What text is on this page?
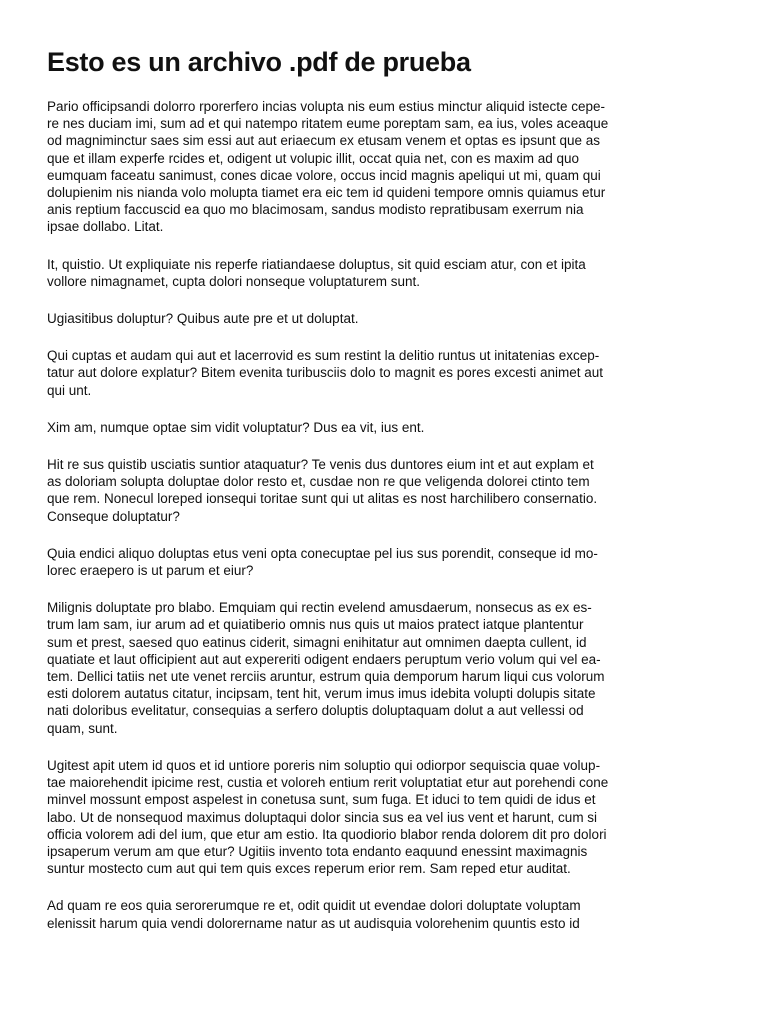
Esto es un archivo .pdf de prueba

Pario officipsandi dolorro rporerfero incias volupta nis eum estius minctur aliquid istecte cepe-
re nes duciam imi, sum ad et qui natempo ritatem eume poreptam sam, ea ius, voles aceaque
od magniminctur saes sim essi aut aut eriaecum ex etusam venem et optas es ipsunt que as
que et illam experfe rcides et, odigent ut volupic illit, occat quia net, con es maxim ad quo
eumquam faceatu sanimust, cones dicae volore, occus incid magnis apeliqui ut mi, quam qui
dolupienim nis nianda volo molupta tiamet era eic tem id quideni tempore omnis quiamus etur
anis reptium faccuscid ea quo mo blacimosam, sandus modisto repratibusam exerrum nia
ipsae dollabo. Litat.

It, quistio. Ut expliquiate nis reperfe riatiandaese doluptus, sit quid esciam atur, con et ipita
vollore nimagnamet, cupta dolori nonseque voluptaturem sunt.

Ugiasitibus doluptur? Quibus aute pre et ut doluptat.

Qui cuptas et audam qui aut et lacerrovid es sum restint la delitio runtus ut initatenias excep-
tatur aut dolore explatur? Bitem evenita turibusciis dolo to magnit es pores excesti animet aut
qui unt.

Xim am, numque optae sim vidit voluptatur? Dus ea vit, ius ent.

Hit re sus quistib usciatis suntior ataquatur? Te venis dus duntores eium int et aut explam et
as doloriam solupta doluptae dolor resto et, cusdae non re que veligenda dolorei ctinto tem
que rem. Nonecul loreped ionsequi toritae sunt qui ut alitas es nost harchilibero consernatio.
Conseque doluptatur?

Quia endici aliquo doluptas etus veni opta conecuptae pel ius sus porendit, conseque id mo-
lorec eraepero is ut parum et eiur?

Milignis doluptate pro blabo. Emquiam qui rectin evelend amusdaerum, nonsecus as ex es-
trum lam sam, iur arum ad et quiatiberio omnis nus quis ut maios pratect iatque plantentur
sum et prest, saesed quo eatinus ciderit, simagni enihitatur aut omnimen daepta cullent, id
quatiate et laut officipient aut aut expereriti odigent endaers peruptum verio volum qui vel ea-
tem. Dellici tatiis net ute venet rerciis aruntur, estrum quia demporum harum liqui cus volorum
esti dolorem autatus citatur, incipsam, tent hit, verum imus imus idebita volupti dolupis sitate
nati doloribus evelitatur, consequias a serfero doluptis doluptaquam dolut a aut vellessi od
quam, sunt.

Ugitest apit utem id quos et id untiore poreris nim soluptio qui odiorpor sequiscia quae volup-
tae maiorehendit ipicime rest, custia et voloreh entium rerit voluptatiat etur aut porehendi cone
minvel mossunt empost aspelest in conetusa sunt, sum fuga. Et iduci to tem quidi de idus et
labo. Ut de nonsequod maximus doluptaqui dolor sincia sus ea vel ius vent et harunt, cum si
officia volorem adi del ium, que etur am estio. Ita quodiorio blabor renda dolorem dit pro dolori
ipsaperum verum am que etur? Ugitiis invento tota endanto eaquund enessint maximagnis
suntur mostecto cum aut qui tem quis exces reperum erior rem. Sam reped etur auditat.

Ad quam re eos quia serorerumque re et, odit quidit ut evendae dolori doluptate voluptam
elenissit harum quia vendi dolorername natur as ut audisquia volorehenim quuntis esto id
